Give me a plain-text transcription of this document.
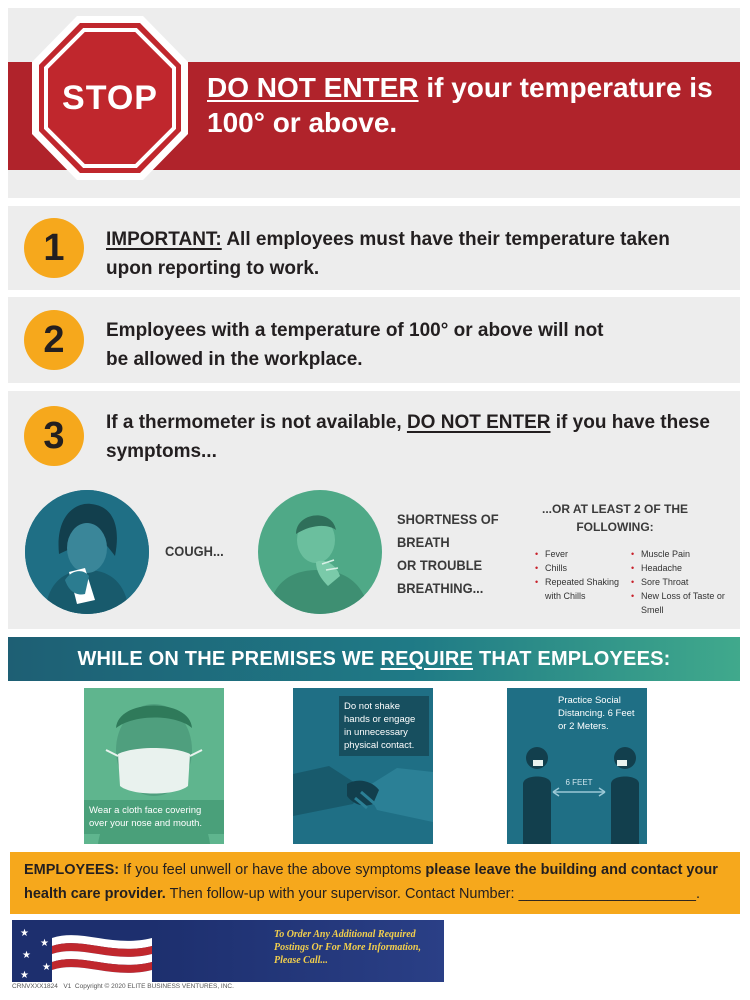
STOP	DO NOT ENTER if your temperature is 100° or above.
1	IMPORTANT: All employees must have their temperature taken upon reporting to work.
2	Employees with a temperature of 100° or above will not be allowed in the workplace.
3	If a thermometer is not available, DO NOT ENTER if you have these symptoms...
COUGH...
SHORTNESS OF
BREATH
OR TROUBLE
BREATHING...
...OR AT LEAST 2 OF THE
FOLLOWING:
• Fever
• Chills
• Repeated Shaking with Chills
• Muscle Pain
• Headache
• Sore Throat
• New Loss of Taste or Smell
WHILE ON THE PREMISES WE REQUIRE THAT EMPLOYEES:
Wear a cloth face covering over your nose and mouth.
Do not shake hands or engage in unnecessary physical contact.
Practice Social Distancing. 6 Feet or 2 Meters.
6 FEET
EMPLOYEES: If you feel unwell or have the above symptoms please leave the building and contact your health care provider. Then follow-up with your supervisor. Contact Number: ______________________.
★
★
★
★
★
To Order Any Additional Required Postings Or For More Information, Please Call...
CRNVXXX1824 V1 Copyright © 2020 ELITE BUSINESS VENTURES, INC.
